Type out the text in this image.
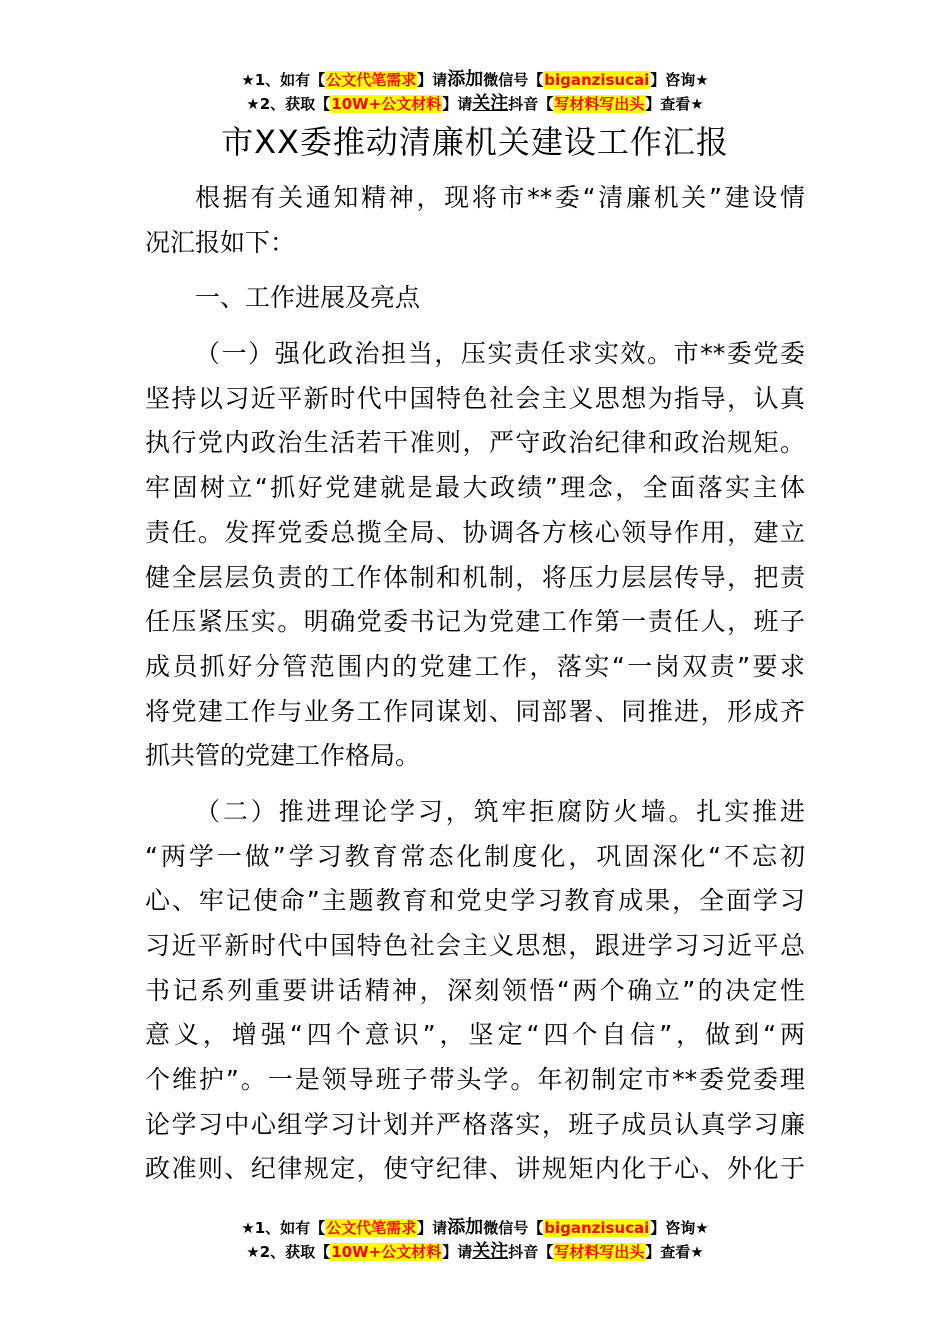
★1、如有【公文代笔需求】请添加微信号【biganzisucai】咨询★
★2、获取【10W+公文材料】请关注抖音【写材料写出头】查看★
市XX委推动清廉机关建设工作汇报
根据有关通知精神，现将市**委“清廉机关”建设情
况汇报如下：
一、工作进展及亮点
（一）强化政治担当，压实责任求实效。市**委党委
坚持以习近平新时代中国特色社会主义思想为指导，认真
执行党内政治生活若干准则，严守政治纪律和政治规矩。
牢固树立“抓好党建就是最大政绩”理念，全面落实主体
责任。发挥党委总揽全局、协调各方核心领导作用，建立
健全层层负责的工作体制和机制，将压力层层传导，把责
任压紧压实。明确党委书记为党建工作第一责任人，班子
成员抓好分管范围内的党建工作，落实“一岗双责”要求
将党建工作与业务工作同谋划、同部署、同推进，形成齐
抓共管的党建工作格局。
（二）推进理论学习，筑牢拒腐防火墙。扎实推进
“两学一做”学习教育常态化制度化，巩固深化“不忘初
心、牢记使命”主题教育和党史学习教育成果，全面学习
习近平新时代中国特色社会主义思想，跟进学习习近平总
书记系列重要讲话精神，深刻领悟“两个确立”的决定性
意义，增强“四个意识”，坚定“四个自信”，做到“两
个维护”。一是领导班子带头学。年初制定市**委党委理
论学习中心组学习计划并严格落实，班子成员认真学习廉
政准则、纪律规定，使守纪律、讲规矩内化于心、外化于
★1、如有【公文代笔需求】请添加微信号【biganzisucai】咨询★
★2、获取【10W+公文材料】请关注抖音【写材料写出头】查看★
